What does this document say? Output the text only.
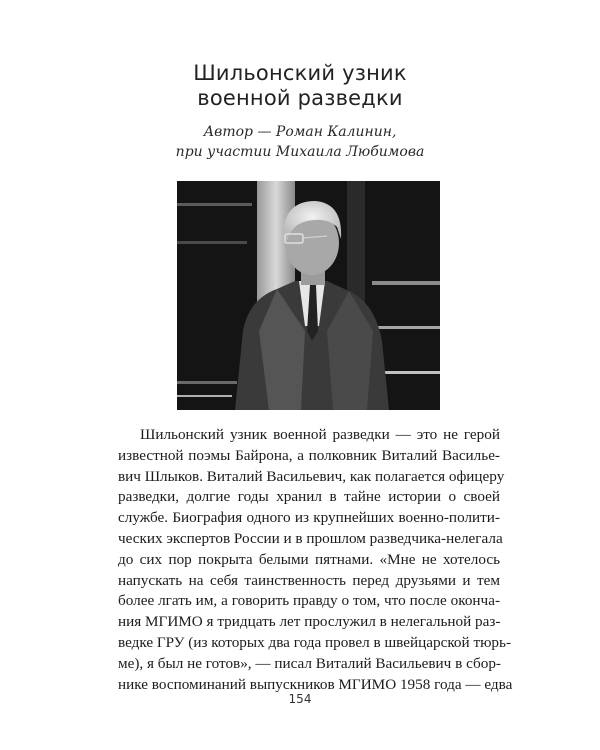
Шильонский узник
военной разведки
Автор — Роман Калинин,
при участии Михаила Любимова
Шильонский узник военной разведки — это не герой
известной поэмы Байрона, а полковник Виталий Василье-
вич Шлыков. Виталий Васильевич, как полагается офицеру
разведки, долгие годы хранил в тайне истории о своей
службе. Биография одного из крупнейших военно-полити-
ческих экспертов России и в прошлом разведчика-нелегала
до сих пор покрыта белыми пятнами. «Мне не хотелось
напускать на себя таинственность перед друзьями и тем
более лгать им, а говорить правду о том, что после оконча-
ния МГИМО я тридцать лет прослужил в нелегальной раз-
ведке ГРУ (из которых два года провел в швейцарской тюрь-
ме), я был не готов», — писал Виталий Васильевич в сбор-
нике воспоминаний выпускников МГИМО 1958 года — едва
154
